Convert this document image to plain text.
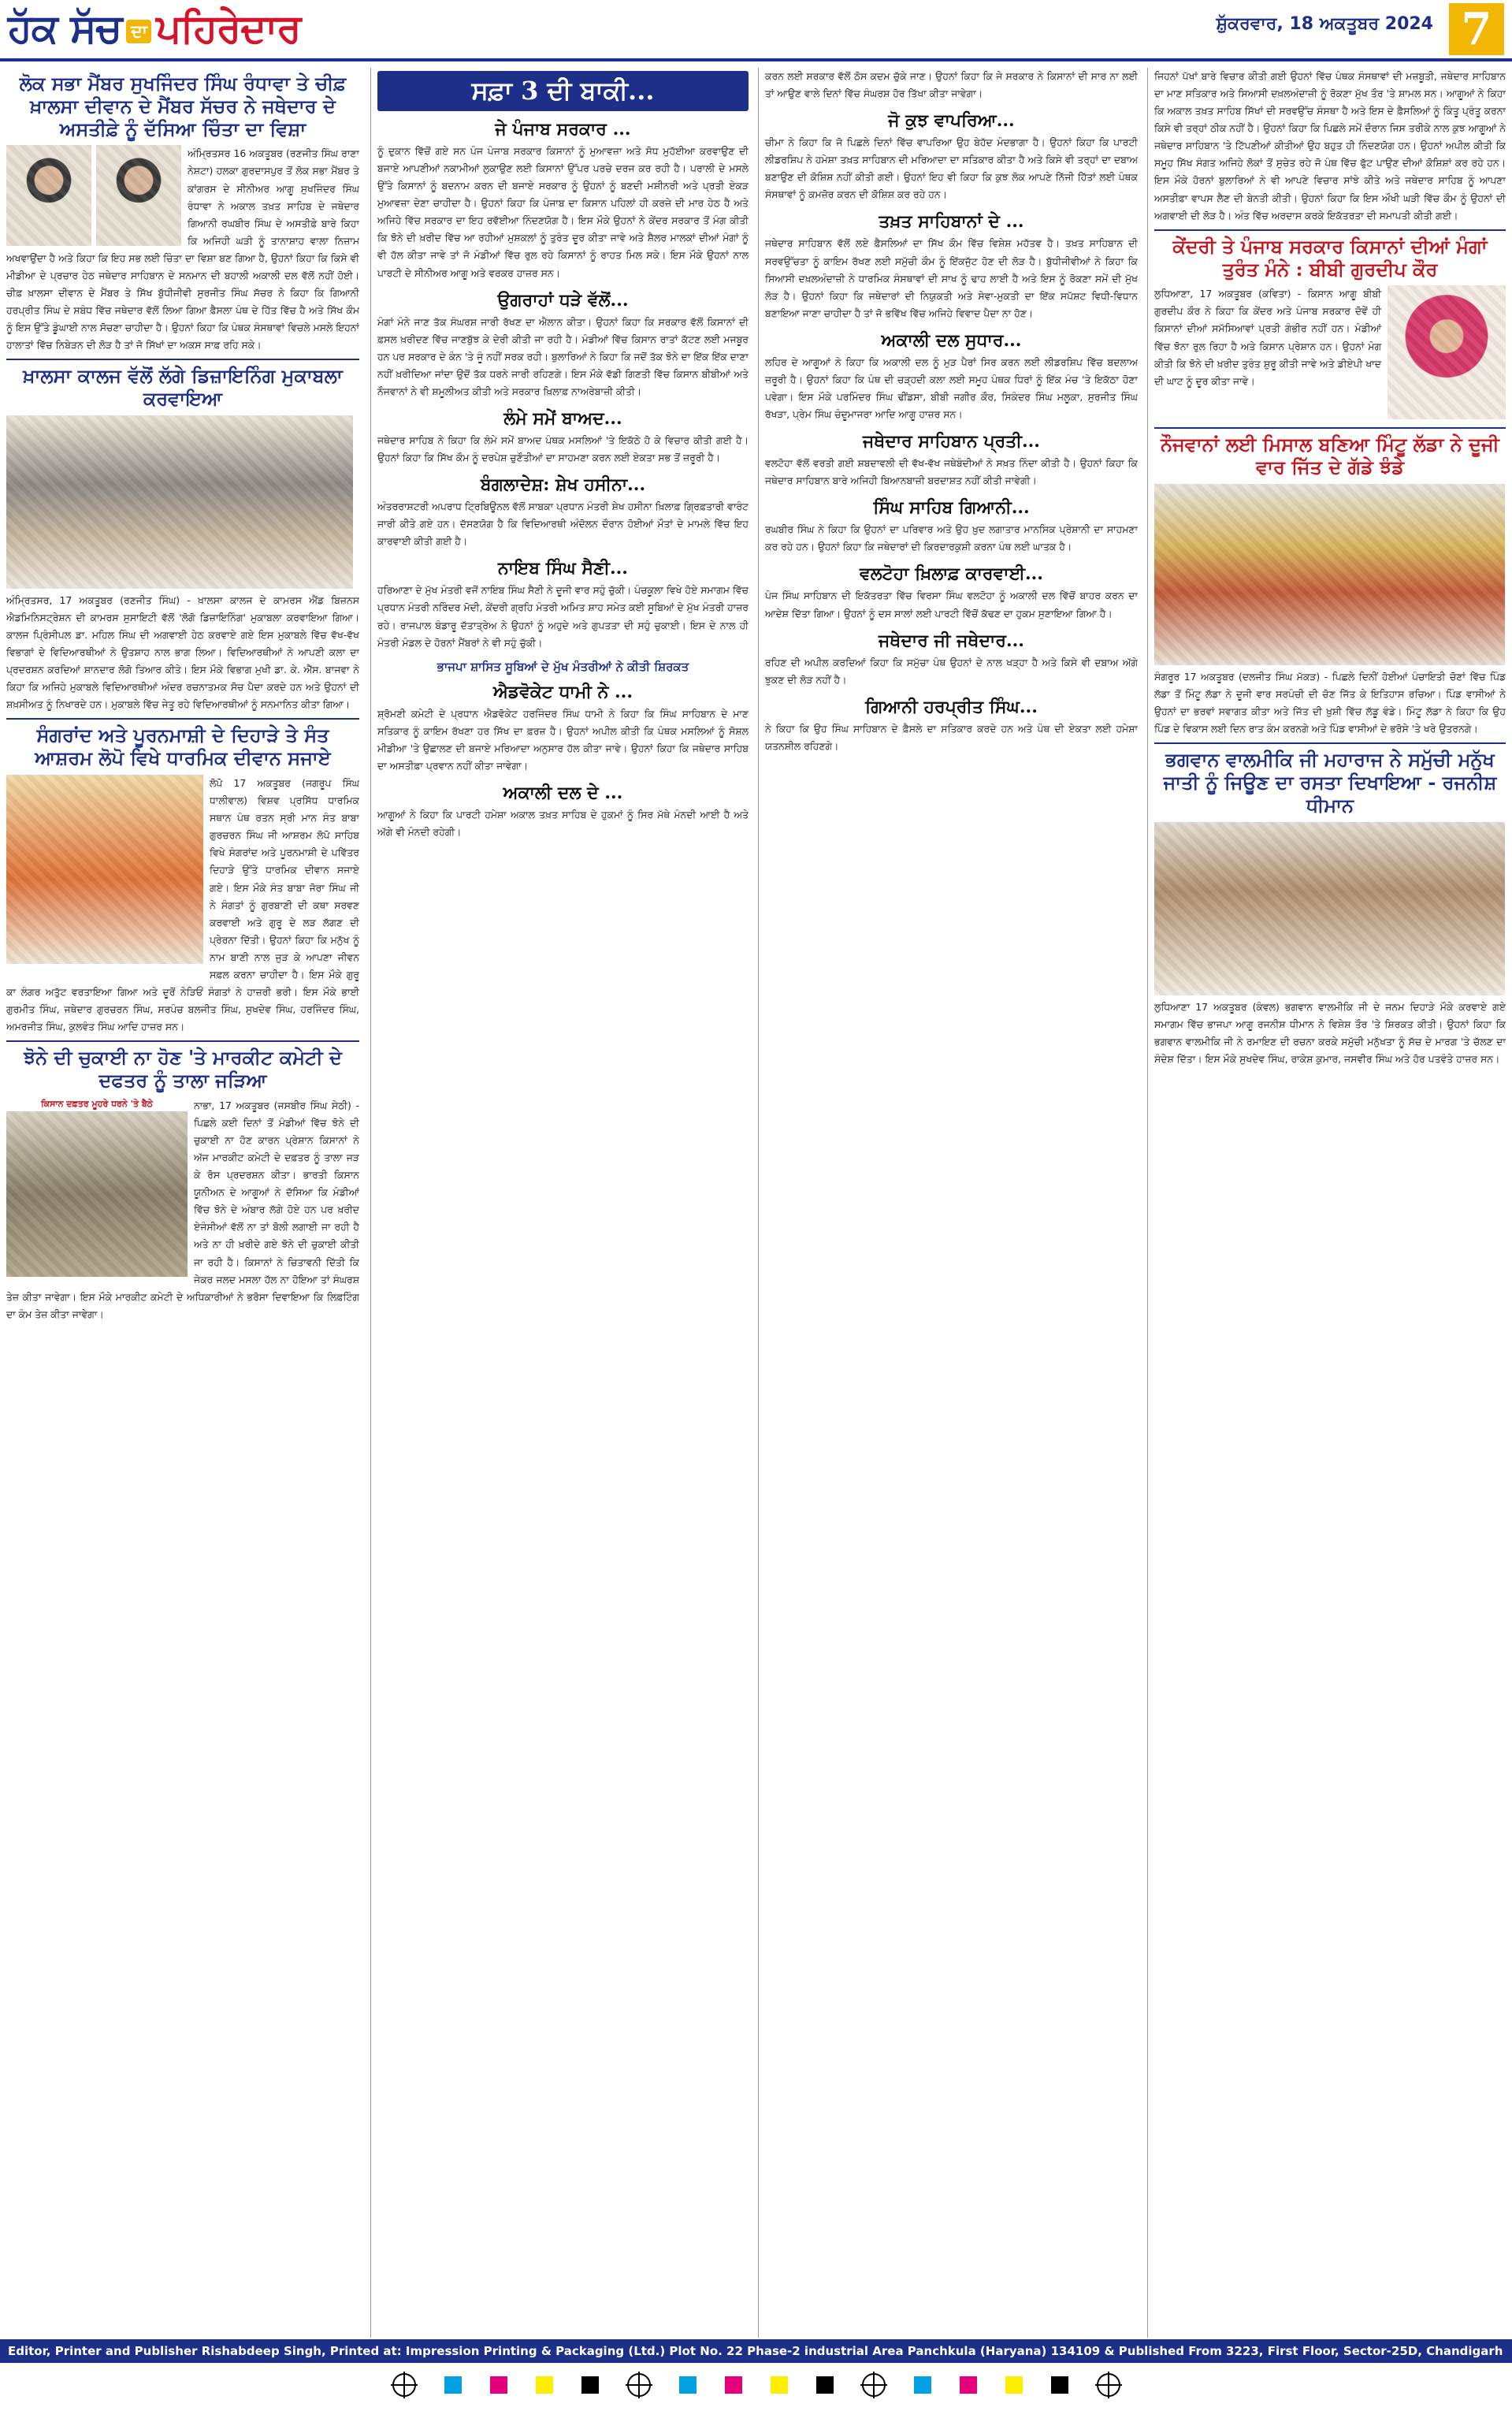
ਹੱਕ ਸੱਚ ਦਾ ਪਹਿਰੇਦਾਰ	ਸ਼ੁੱਕਰਵਾਰ, 18 ਅਕਤੂਬਰ 2024 7
ਲੋਕ ਸਭਾ ਮੈਂਬਰ ਸੁਖਜਿੰਦਰ ਸਿੰਘ ਰੰਧਾਵਾ ਤੇ ਚੀਫ਼ ਖ਼ਾਲਸਾ ਦੀਵਾਨ ਦੇ ਮੈਂਬਰ ਸੱਚਰ ਨੇ ਜਥੇਦਾਰ ਦੇ ਅਸਤੀਫ਼ੇ ਨੂੰ ਦੱਸਿਆ ਚਿੰਤਾ ਦਾ ਵਿਸ਼ਾ
ਅੰਮ੍ਰਿਤਸਰ 16 ਅਕਤੂਬਰ (ਰਣਜੀਤ ਸਿੰਘ ਰਾਣਾ ਨੇਸ਼ਟਾ) ਹਲਕਾ ਗੁਰਦਾਸਪੁਰ ਤੋਂ ਲੋਕ ਸਭਾ ਮੈਂਬਰ ਤੇ ਕਾਂਗਰਸ ਦੇ ਸੀਨੀਅਰ ਆਗੂ ਸੁਖਜਿੰਦਰ ਸਿੰਘ ਰੰਧਾਵਾ ਨੇ ਅਕਾਲ ਤਖ਼ਤ ਸਾਹਿਬ ਦੇ ਜਥੇਦਾਰ ਗਿਆਨੀ ਰਘਬੀਰ ਸਿੰਘ ਦੇ ਅਸਤੀਫ਼ੇ ਬਾਰੇ ਕਿਹਾ ਕਿ ਅਜਿਹੀ ਘੜੀ ਨੂੰ ਤਾਨਾਸ਼ਾਹ ਵਾਲਾ ਨਿਜ਼ਾਮ ਅਖਵਾਉਂਦਾ ਹੈ ਅਤੇ ਕਿਹਾ ਕਿ ਇਹ ਸਭ ਲਈ ਚਿੰਤਾ ਦਾ ਵਿਸ਼ਾ ਬਣ ਗਿਆ ਹੈ, ਉਹਨਾਂ ਕਿਹਾ ਕਿ ਕਿਸੇ ਵੀ ਮੀਡੀਆ ਦੇ ਪ੍ਰਚਾਰ ਹੇਠ ਜਥੇਦਾਰ ਸਾਹਿਬਾਨ ਦੇ ਸਨਮਾਨ ਦੀ ਬਹਾਲੀ ਅਕਾਲੀ ਦਲ ਵੱਲੋਂ ਨਹੀਂ ਹੋਈ। ਚੀਫ਼ ਖ਼ਾਲਸਾ ਦੀਵਾਨ ਦੇ ਮੈਂਬਰ ਤੇ ਸਿੱਖ ਬੁੱਧੀਜੀਵੀ ਸੁਰਜੀਤ ਸਿੰਘ ਸੱਚਰ ਨੇ ਕਿਹਾ ਕਿ ਗਿਆਨੀ ਹਰਪ੍ਰੀਤ ਸਿੰਘ ਦੇ ਸਬੰਧ ਵਿੱਚ ਜਥੇਦਾਰ ਵੱਲੋਂ ਲਿਆ ਗਿਆ ਫ਼ੈਸਲਾ ਪੰਥ ਦੇ ਹਿੱਤ ਵਿੱਚ ਹੈ ਅਤੇ ਸਿੱਖ ਕੌਮ ਨੂੰ ਇਸ ਉੱਤੇ ਡੂੰਘਾਈ ਨਾਲ ਸੋਚਣਾ ਚਾਹੀਦਾ ਹੈ। ਉਹਨਾਂ ਕਿਹਾ ਕਿ ਪੰਥਕ ਸੰਸਥਾਵਾਂ ਵਿਚਲੇ ਮਸਲੇ ਇਹਨਾਂ ਹਾਲਾਤਾਂ ਵਿੱਚ ਨਿਬੇੜਨ ਦੀ ਲੋੜ ਹੈ ਤਾਂ ਜੋ ਸਿੱਖਾਂ ਦਾ ਅਕਸ ਸਾਫ਼ ਰਹਿ ਸਕੇ।
ਖ਼ਾਲਸਾ ਕਾਲਜ ਵੱਲੋਂ ਲੱਗੇ ਡਿਜ਼ਾਇਨਿੰਗ ਮੁਕਾਬਲਾ ਕਰਵਾਇਆ
ਅੰਮ੍ਰਿਤਸਰ, 17 ਅਕਤੂਬਰ (ਰਣਜੀਤ ਸਿੰਘ) - ਖ਼ਾਲਸਾ ਕਾਲਜ ਦੇ ਕਾਮਰਸ ਐਂਡ ਬਿਜ਼ਨਸ ਐਡਮਿਨਿਸਟ੍ਰੇਸ਼ਨ ਦੀ ਕਾਮਰਸ ਸੁਸਾਇਟੀ ਵੱਲੋਂ 'ਲੋਗੋ ਡਿਜ਼ਾਇਨਿੰਗ' ਮੁਕਾਬਲਾ ਕਰਵਾਇਆ ਗਿਆ। ਕਾਲਜ ਪ੍ਰਿੰਸੀਪਲ ਡਾ. ਮਹਿਲ ਸਿੰਘ ਦੀ ਅਗਵਾਈ ਹੇਠ ਕਰਵਾਏ ਗਏ ਇਸ ਮੁਕਾਬਲੇ ਵਿੱਚ ਵੱਖ-ਵੱਖ ਵਿਭਾਗਾਂ ਦੇ ਵਿਦਿਆਰਥੀਆਂ ਨੇ ਉਤਸ਼ਾਹ ਨਾਲ ਭਾਗ ਲਿਆ। ਵਿਦਿਆਰਥੀਆਂ ਨੇ ਆਪਣੀ ਕਲਾ ਦਾ ਪ੍ਰਦਰਸ਼ਨ ਕਰਦਿਆਂ ਸ਼ਾਨਦਾਰ ਲੋਗੋ ਤਿਆਰ ਕੀਤੇ। ਇਸ ਮੌਕੇ ਵਿਭਾਗ ਮੁਖੀ ਡਾ. ਕੇ. ਐੱਸ. ਬਾਜਵਾ ਨੇ ਕਿਹਾ ਕਿ ਅਜਿਹੇ ਮੁਕਾਬਲੇ ਵਿਦਿਆਰਥੀਆਂ ਅੰਦਰ ਰਚਨਾਤਮਕ ਸੋਚ ਪੈਦਾ ਕਰਦੇ ਹਨ ਅਤੇ ਉਹਨਾਂ ਦੀ ਸ਼ਖ਼ਸੀਅਤ ਨੂੰ ਨਿਖਾਰਦੇ ਹਨ। ਮੁਕਾਬਲੇ ਵਿੱਚ ਜੇਤੂ ਰਹੇ ਵਿਦਿਆਰਥੀਆਂ ਨੂੰ ਸਨਮਾਨਿਤ ਕੀਤਾ ਗਿਆ।
ਸੰਗਰਾਂਦ ਅਤੇ ਪੂਰਨਮਾਸ਼ੀ ਦੇ ਦਿਹਾੜੇ ਤੇ ਸੰਤ ਆਸ਼ਰਮ ਲੋਪੋ ਵਿਖੇ ਧਾਰਮਿਕ ਦੀਵਾਨ ਸਜਾਏ
ਲੋਪੋ 17 ਅਕਤੂਬਰ (ਜਗਰੂਪ ਸਿੰਘ ਧਾਲੀਵਾਲ) ਵਿਸ਼ਵ ਪ੍ਰਸਿੱਧ ਧਾਰਮਿਕ ਸਥਾਨ ਪੰਥ ਰਤਨ ਸ੍ਰੀ ਮਾਨ ਸੰਤ ਬਾਬਾ ਗੁਰਚਰਨ ਸਿੰਘ ਜੀ ਆਸ਼ਰਮ ਲੋਪੋ ਸਾਹਿਬ ਵਿਖੇ ਸੰਗਰਾਂਦ ਅਤੇ ਪੂਰਨਮਾਸ਼ੀ ਦੇ ਪਵਿੱਤਰ ਦਿਹਾੜੇ ਉੱਤੇ ਧਾਰਮਿਕ ਦੀਵਾਨ ਸਜਾਏ ਗਏ। ਇਸ ਮੌਕੇ ਸੰਤ ਬਾਬਾ ਜੋਰਾ ਸਿੰਘ ਜੀ ਨੇ ਸੰਗਤਾਂ ਨੂੰ ਗੁਰਬਾਣੀ ਦੀ ਕਥਾ ਸਰਵਣ ਕਰਵਾਈ ਅਤੇ ਗੁਰੂ ਦੇ ਲੜ ਲੱਗਣ ਦੀ ਪ੍ਰੇਰਨਾ ਦਿੱਤੀ। ਉਹਨਾਂ ਕਿਹਾ ਕਿ ਮਨੁੱਖ ਨੂੰ ਨਾਮ ਬਾਣੀ ਨਾਲ ਜੁੜ ਕੇ ਆਪਣਾ ਜੀਵਨ ਸਫ਼ਲ ਕਰਨਾ ਚਾਹੀਦਾ ਹੈ। ਇਸ ਮੌਕੇ ਗੁਰੂ ਕਾ ਲੰਗਰ ਅਤੁੱਟ ਵਰਤਾਇਆ ਗਿਆ ਅਤੇ ਦੂਰੋਂ ਨੇੜਿਓਂ ਸੰਗਤਾਂ ਨੇ ਹਾਜ਼ਰੀ ਭਰੀ। ਇਸ ਮੌਕੇ ਭਾਈ ਗੁਰਮੀਤ ਸਿੰਘ, ਜਥੇਦਾਰ ਗੁਰਚਰਨ ਸਿੰਘ, ਸਰਪੰਚ ਬਲਜੀਤ ਸਿੰਘ, ਸੁਖਦੇਵ ਸਿੰਘ, ਹਰਜਿੰਦਰ ਸਿੰਘ, ਅਮਰਜੀਤ ਸਿੰਘ, ਕੁਲਵੰਤ ਸਿੰਘ ਆਦਿ ਹਾਜ਼ਰ ਸਨ।
ਝੋਨੇ ਦੀ ਚੁਕਾਈ ਨਾ ਹੋਣ 'ਤੇ ਮਾਰਕੀਟ ਕਮੇਟੀ ਦੇ ਦਫਤਰ ਨੂੰ ਤਾਲਾ ਜੜਿਆ
ਕਿਸਾਨ ਦਫ਼ਤਰ ਮੂਹਰੇ ਧਰਨੇ 'ਤੇ ਬੈਠੇ	ਨਾਭਾ, 17 ਅਕਤੂਬਰ (ਜਸਬੀਰ ਸਿੰਘ ਸੇਠੀ) - ਪਿਛਲੇ ਕਈ ਦਿਨਾਂ ਤੋਂ ਮੰਡੀਆਂ ਵਿੱਚ ਝੋਨੇ ਦੀ ਚੁਕਾਈ ਨਾ ਹੋਣ ਕਾਰਨ ਪ੍ਰੇਸ਼ਾਨ ਕਿਸਾਨਾਂ ਨੇ ਅੱਜ ਮਾਰਕੀਟ ਕਮੇਟੀ ਦੇ ਦਫ਼ਤਰ ਨੂੰ ਤਾਲਾ ਜੜ ਕੇ ਰੋਸ ਪ੍ਰਦਰਸ਼ਨ ਕੀਤਾ। ਭਾਰਤੀ ਕਿਸਾਨ ਯੂਨੀਅਨ ਦੇ ਆਗੂਆਂ ਨੇ ਦੱਸਿਆ ਕਿ ਮੰਡੀਆਂ ਵਿੱਚ ਝੋਨੇ ਦੇ ਅੰਬਾਰ ਲੱਗੇ ਹੋਏ ਹਨ ਪਰ ਖ਼ਰੀਦ ਏਜੰਸੀਆਂ ਵੱਲੋਂ ਨਾ ਤਾਂ ਬੋਲੀ ਲਗਾਈ ਜਾ ਰਹੀ ਹੈ ਅਤੇ ਨਾ ਹੀ ਖ਼ਰੀਦੇ ਗਏ ਝੋਨੇ ਦੀ ਚੁਕਾਈ ਕੀਤੀ ਜਾ ਰਹੀ ਹੈ। ਕਿਸਾਨਾਂ ਨੇ ਚਿਤਾਵਨੀ ਦਿੱਤੀ ਕਿ ਜੇਕਰ ਜਲਦ ਮਸਲਾ ਹੱਲ ਨਾ ਹੋਇਆ ਤਾਂ ਸੰਘਰਸ਼ ਤੇਜ਼ ਕੀਤਾ ਜਾਵੇਗਾ। ਇਸ ਮੌਕੇ ਮਾਰਕੀਟ ਕਮੇਟੀ ਦੇ ਅਧਿਕਾਰੀਆਂ ਨੇ ਭਰੋਸਾ ਦਿਵਾਇਆ ਕਿ ਲਿਫ਼ਟਿੰਗ ਦਾ ਕੰਮ ਤੇਜ਼ ਕੀਤਾ ਜਾਵੇਗਾ।
ਸਫ਼ਾ 3 ਦੀ ਬਾਕੀ...
ਜੇ ਪੰਜਾਬ ਸਰਕਾਰ ...
ਨੂੰ ਦੁਕਾਨ ਵਿੱਚੋਂ ਗਏ ਸਨ ਪੰਜ ਪੰਜਾਬ ਸਰਕਾਰ ਕਿਸਾਨਾਂ ਨੂੰ ਮੁਆਵਜ਼ਾ ਅਤੇ ਸੋਧ ਮੁਹੱਈਆ ਕਰਵਾਉਣ ਦੀ ਬਜਾਏ ਆਪਣੀਆਂ ਨਕਾਮੀਆਂ ਲੁਕਾਉਣ ਲਈ ਕਿਸਾਨਾਂ ਉੱਪਰ ਪਰਚੇ ਦਰਜ ਕਰ ਰਹੀ ਹੈ। ਪਰਾਲੀ ਦੇ ਮਸਲੇ ਉੱਤੇ ਕਿਸਾਨਾਂ ਨੂੰ ਬਦਨਾਮ ਕਰਨ ਦੀ ਬਜਾਏ ਸਰਕਾਰ ਨੂੰ ਉਹਨਾਂ ਨੂੰ ਬਣਦੀ ਮਸ਼ੀਨਰੀ ਅਤੇ ਪ੍ਰਤੀ ਏਕੜ ਮੁਆਵਜ਼ਾ ਦੇਣਾ ਚਾਹੀਦਾ ਹੈ। ਉਹਨਾਂ ਕਿਹਾ ਕਿ ਪੰਜਾਬ ਦਾ ਕਿਸਾਨ ਪਹਿਲਾਂ ਹੀ ਕਰਜ਼ੇ ਦੀ ਮਾਰ ਹੇਠ ਹੈ ਅਤੇ ਅਜਿਹੇ ਵਿੱਚ ਸਰਕਾਰ ਦਾ ਇਹ ਰਵੱਈਆ ਨਿੰਦਣਯੋਗ ਹੈ। ਇਸ ਮੌਕੇ ਉਹਨਾਂ ਨੇ ਕੇਂਦਰ ਸਰਕਾਰ ਤੋਂ ਮੰਗ ਕੀਤੀ ਕਿ ਝੋਨੇ ਦੀ ਖ਼ਰੀਦ ਵਿੱਚ ਆ ਰਹੀਆਂ ਮੁਸ਼ਕਲਾਂ ਨੂੰ ਤੁਰੰਤ ਦੂਰ ਕੀਤਾ ਜਾਵੇ ਅਤੇ ਸ਼ੈਲਰ ਮਾਲਕਾਂ ਦੀਆਂ ਮੰਗਾਂ ਨੂੰ ਵੀ ਹੱਲ ਕੀਤਾ ਜਾਵੇ ਤਾਂ ਜੋ ਮੰਡੀਆਂ ਵਿੱਚ ਰੁਲ ਰਹੇ ਕਿਸਾਨਾਂ ਨੂੰ ਰਾਹਤ ਮਿਲ ਸਕੇ। ਇਸ ਮੌਕੇ ਉਹਨਾਂ ਨਾਲ ਪਾਰਟੀ ਦੇ ਸੀਨੀਅਰ ਆਗੂ ਅਤੇ ਵਰਕਰ ਹਾਜ਼ਰ ਸਨ।
ਉਗਰਾਹਾਂ ਧੜੇ ਵੱਲੋਂ...
ਮੰਗਾਂ ਮੰਨੇ ਜਾਣ ਤੱਕ ਸੰਘਰਸ਼ ਜਾਰੀ ਰੱਖਣ ਦਾ ਐਲਾਨ ਕੀਤਾ। ਉਹਨਾਂ ਕਿਹਾ ਕਿ ਸਰਕਾਰ ਵੱਲੋਂ ਕਿਸਾਨਾਂ ਦੀ ਫ਼ਸਲ ਖ਼ਰੀਦਣ ਵਿੱਚ ਜਾਣਬੁੱਝ ਕੇ ਦੇਰੀ ਕੀਤੀ ਜਾ ਰਹੀ ਹੈ। ਮੰਡੀਆਂ ਵਿੱਚ ਕਿਸਾਨ ਰਾਤਾਂ ਕੱਟਣ ਲਈ ਮਜਬੂਰ ਹਨ ਪਰ ਸਰਕਾਰ ਦੇ ਕੰਨ 'ਤੇ ਜੂੰ ਨਹੀਂ ਸਰਕ ਰਹੀ। ਬੁਲਾਰਿਆਂ ਨੇ ਕਿਹਾ ਕਿ ਜਦੋਂ ਤੱਕ ਝੋਨੇ ਦਾ ਇੱਕ ਇੱਕ ਦਾਣਾ ਨਹੀਂ ਖ਼ਰੀਦਿਆ ਜਾਂਦਾ ਉਦੋਂ ਤੱਕ ਧਰਨੇ ਜਾਰੀ ਰਹਿਣਗੇ। ਇਸ ਮੌਕੇ ਵੱਡੀ ਗਿਣਤੀ ਵਿੱਚ ਕਿਸਾਨ ਬੀਬੀਆਂ ਅਤੇ ਨੌਜਵਾਨਾਂ ਨੇ ਵੀ ਸ਼ਮੂਲੀਅਤ ਕੀਤੀ ਅਤੇ ਸਰਕਾਰ ਖ਼ਿਲਾਫ਼ ਨਾਅਰੇਬਾਜ਼ੀ ਕੀਤੀ।
ਲੰਮੇ ਸਮੇਂ ਬਾਅਦ...
ਜਥੇਦਾਰ ਸਾਹਿਬ ਨੇ ਕਿਹਾ ਕਿ ਲੰਮੇ ਸਮੇਂ ਬਾਅਦ ਪੰਥਕ ਮਸਲਿਆਂ 'ਤੇ ਇਕੱਠੇ ਹੋ ਕੇ ਵਿਚਾਰ ਕੀਤੀ ਗਈ ਹੈ। ਉਹਨਾਂ ਕਿਹਾ ਕਿ ਸਿੱਖ ਕੌਮ ਨੂੰ ਦਰਪੇਸ਼ ਚੁਣੌਤੀਆਂ ਦਾ ਸਾਹਮਣਾ ਕਰਨ ਲਈ ਏਕਤਾ ਸਭ ਤੋਂ ਜ਼ਰੂਰੀ ਹੈ।
ਬੰਗਲਾਦੇਸ਼: ਸ਼ੇਖ ਹਸੀਨਾ...
ਅੰਤਰਰਾਸ਼ਟਰੀ ਅਪਰਾਧ ਟ੍ਰਿਬਿਊਨਲ ਵੱਲੋਂ ਸਾਬਕਾ ਪ੍ਰਧਾਨ ਮੰਤਰੀ ਸ਼ੇਖ ਹਸੀਨਾ ਖ਼ਿਲਾਫ਼ ਗ੍ਰਿਫ਼ਤਾਰੀ ਵਾਰੰਟ ਜਾਰੀ ਕੀਤੇ ਗਏ ਹਨ। ਦੱਸਣਯੋਗ ਹੈ ਕਿ ਵਿਦਿਆਰਥੀ ਅੰਦੋਲਨ ਦੌਰਾਨ ਹੋਈਆਂ ਮੌਤਾਂ ਦੇ ਮਾਮਲੇ ਵਿੱਚ ਇਹ ਕਾਰਵਾਈ ਕੀਤੀ ਗਈ ਹੈ।
ਨਾਇਬ ਸਿੰਘ ਸੈਣੀ...
ਹਰਿਆਣਾ ਦੇ ਮੁੱਖ ਮੰਤਰੀ ਵਜੋਂ ਨਾਇਬ ਸਿੰਘ ਸੈਣੀ ਨੇ ਦੂਜੀ ਵਾਰ ਸਹੁੰ ਚੁੱਕੀ। ਪੰਚਕੂਲਾ ਵਿਖੇ ਹੋਏ ਸਮਾਗਮ ਵਿੱਚ ਪ੍ਰਧਾਨ ਮੰਤਰੀ ਨਰਿੰਦਰ ਮੋਦੀ, ਕੇਂਦਰੀ ਗ੍ਰਹਿ ਮੰਤਰੀ ਅਮਿਤ ਸ਼ਾਹ ਸਮੇਤ ਕਈ ਸੂਬਿਆਂ ਦੇ ਮੁੱਖ ਮੰਤਰੀ ਹਾਜ਼ਰ ਰਹੇ। ਰਾਜਪਾਲ ਬੰਡਾਰੂ ਦੱਤਾਤ੍ਰੇਅ ਨੇ ਉਹਨਾਂ ਨੂੰ ਅਹੁਦੇ ਅਤੇ ਗੁਪਤਤਾ ਦੀ ਸਹੁੰ ਚੁਕਾਈ। ਇਸ ਦੇ ਨਾਲ ਹੀ ਮੰਤਰੀ ਮੰਡਲ ਦੇ ਹੋਰਨਾਂ ਮੈਂਬਰਾਂ ਨੇ ਵੀ ਸਹੁੰ ਚੁੱਕੀ।
ਭਾਜਪਾ ਸ਼ਾਸਿਤ ਸੂਬਿਆਂ ਦੇ ਮੁੱਖ ਮੰਤਰੀਆਂ ਨੇ ਕੀਤੀ ਸ਼ਿਰਕਤ
ਐਡਵੋਕੇਟ ਧਾਮੀ ਨੇ ...
ਸ਼੍ਰੋਮਣੀ ਕਮੇਟੀ ਦੇ ਪ੍ਰਧਾਨ ਐਡਵੋਕੇਟ ਹਰਜਿੰਦਰ ਸਿੰਘ ਧਾਮੀ ਨੇ ਕਿਹਾ ਕਿ ਸਿੰਘ ਸਾਹਿਬਾਨ ਦੇ ਮਾਣ ਸਤਿਕਾਰ ਨੂੰ ਕਾਇਮ ਰੱਖਣਾ ਹਰ ਸਿੱਖ ਦਾ ਫ਼ਰਜ਼ ਹੈ। ਉਹਨਾਂ ਅਪੀਲ ਕੀਤੀ ਕਿ ਪੰਥਕ ਮਸਲਿਆਂ ਨੂੰ ਸੋਸ਼ਲ ਮੀਡੀਆ 'ਤੇ ਉਛਾਲਣ ਦੀ ਬਜਾਏ ਮਰਿਆਦਾ ਅਨੁਸਾਰ ਹੱਲ ਕੀਤਾ ਜਾਵੇ। ਉਹਨਾਂ ਕਿਹਾ ਕਿ ਜਥੇਦਾਰ ਸਾਹਿਬ ਦਾ ਅਸਤੀਫ਼ਾ ਪ੍ਰਵਾਨ ਨਹੀਂ ਕੀਤਾ ਜਾਵੇਗਾ।
ਅਕਾਲੀ ਦਲ ਦੇ ...
ਆਗੂਆਂ ਨੇ ਕਿਹਾ ਕਿ ਪਾਰਟੀ ਹਮੇਸ਼ਾ ਅਕਾਲ ਤਖ਼ਤ ਸਾਹਿਬ ਦੇ ਹੁਕਮਾਂ ਨੂੰ ਸਿਰ ਮੱਥੇ ਮੰਨਦੀ ਆਈ ਹੈ ਅਤੇ ਅੱਗੇ ਵੀ ਮੰਨਦੀ ਰਹੇਗੀ।
ਕਰਨ ਲਈ ਸਰਕਾਰ ਵੱਲੋਂ ਠੋਸ ਕਦਮ ਚੁੱਕੇ ਜਾਣ। ਉਹਨਾਂ ਕਿਹਾ ਕਿ ਜੇ ਸਰਕਾਰ ਨੇ ਕਿਸਾਨਾਂ ਦੀ ਸਾਰ ਨਾ ਲਈ ਤਾਂ ਆਉਣ ਵਾਲੇ ਦਿਨਾਂ ਵਿੱਚ ਸੰਘਰਸ਼ ਹੋਰ ਤਿੱਖਾ ਕੀਤਾ ਜਾਵੇਗਾ।
ਜੋ ਕੁਝ ਵਾਪਰਿਆ...
ਚੀਮਾ ਨੇ ਕਿਹਾ ਕਿ ਜੋ ਪਿਛਲੇ ਦਿਨਾਂ ਵਿੱਚ ਵਾਪਰਿਆ ਉਹ ਬੇਹੱਦ ਮੰਦਭਾਗਾ ਹੈ। ਉਹਨਾਂ ਕਿਹਾ ਕਿ ਪਾਰਟੀ ਲੀਡਰਸ਼ਿਪ ਨੇ ਹਮੇਸ਼ਾ ਤਖ਼ਤ ਸਾਹਿਬਾਨ ਦੀ ਮਰਿਆਦਾ ਦਾ ਸਤਿਕਾਰ ਕੀਤਾ ਹੈ ਅਤੇ ਕਿਸੇ ਵੀ ਤਰ੍ਹਾਂ ਦਾ ਦਬਾਅ ਬਣਾਉਣ ਦੀ ਕੋਸ਼ਿਸ਼ ਨਹੀਂ ਕੀਤੀ ਗਈ। ਉਹਨਾਂ ਇਹ ਵੀ ਕਿਹਾ ਕਿ ਕੁਝ ਲੋਕ ਆਪਣੇ ਨਿੱਜੀ ਹਿੱਤਾਂ ਲਈ ਪੰਥਕ ਸੰਸਥਾਵਾਂ ਨੂੰ ਕਮਜ਼ੋਰ ਕਰਨ ਦੀ ਕੋਸ਼ਿਸ਼ ਕਰ ਰਹੇ ਹਨ।
ਤਖ਼ਤ ਸਾਹਿਬਾਨਾਂ ਦੇ ...
ਜਥੇਦਾਰ ਸਾਹਿਬਾਨ ਵੱਲੋਂ ਲਏ ਫ਼ੈਸਲਿਆਂ ਦਾ ਸਿੱਖ ਕੌਮ ਵਿੱਚ ਵਿਸ਼ੇਸ਼ ਮਹੱਤਵ ਹੈ। ਤਖ਼ਤ ਸਾਹਿਬਾਨ ਦੀ ਸਰਵਉੱਚਤਾ ਨੂੰ ਕਾਇਮ ਰੱਖਣ ਲਈ ਸਮੁੱਚੀ ਕੌਮ ਨੂੰ ਇੱਕਜੁੱਟ ਹੋਣ ਦੀ ਲੋੜ ਹੈ। ਬੁੱਧੀਜੀਵੀਆਂ ਨੇ ਕਿਹਾ ਕਿ ਸਿਆਸੀ ਦਖ਼ਲਅੰਦਾਜ਼ੀ ਨੇ ਧਾਰਮਿਕ ਸੰਸਥਾਵਾਂ ਦੀ ਸਾਖ ਨੂੰ ਢਾਹ ਲਾਈ ਹੈ ਅਤੇ ਇਸ ਨੂੰ ਰੋਕਣਾ ਸਮੇਂ ਦੀ ਮੁੱਖ ਲੋੜ ਹੈ। ਉਹਨਾਂ ਕਿਹਾ ਕਿ ਜਥੇਦਾਰਾਂ ਦੀ ਨਿਯੁਕਤੀ ਅਤੇ ਸੇਵਾ-ਮੁਕਤੀ ਦਾ ਇੱਕ ਸਪੱਸ਼ਟ ਵਿਧੀ-ਵਿਧਾਨ ਬਣਾਇਆ ਜਾਣਾ ਚਾਹੀਦਾ ਹੈ ਤਾਂ ਜੋ ਭਵਿੱਖ ਵਿੱਚ ਅਜਿਹੇ ਵਿਵਾਦ ਪੈਦਾ ਨਾ ਹੋਣ।
ਅਕਾਲੀ ਦਲ ਸੁਧਾਰ...
ਲਹਿਰ ਦੇ ਆਗੂਆਂ ਨੇ ਕਿਹਾ ਕਿ ਅਕਾਲੀ ਦਲ ਨੂੰ ਮੁੜ ਪੈਰਾਂ ਸਿਰ ਕਰਨ ਲਈ ਲੀਡਰਸ਼ਿਪ ਵਿੱਚ ਬਦਲਾਅ ਜ਼ਰੂਰੀ ਹੈ। ਉਹਨਾਂ ਕਿਹਾ ਕਿ ਪੰਥ ਦੀ ਚੜ੍ਹਦੀ ਕਲਾ ਲਈ ਸਮੂਹ ਪੰਥਕ ਧਿਰਾਂ ਨੂੰ ਇੱਕ ਮੰਚ 'ਤੇ ਇਕੱਠਾ ਹੋਣਾ ਪਵੇਗਾ। ਇਸ ਮੌਕੇ ਪਰਮਿੰਦਰ ਸਿੰਘ ਢੀਂਡਸਾ, ਬੀਬੀ ਜਗੀਰ ਕੌਰ, ਸਿਕੰਦਰ ਸਿੰਘ ਮਲੂਕਾ, ਸੁਰਜੀਤ ਸਿੰਘ ਰੱਖੜਾ, ਪ੍ਰੇਮ ਸਿੰਘ ਚੰਦੂਮਾਜਰਾ ਆਦਿ ਆਗੂ ਹਾਜ਼ਰ ਸਨ।
ਜਥੇਦਾਰ ਸਾਹਿਬਾਨ ਪ੍ਰਤੀ...
ਵਲਟੋਹਾ ਵੱਲੋਂ ਵਰਤੀ ਗਈ ਸ਼ਬਦਾਵਲੀ ਦੀ ਵੱਖ-ਵੱਖ ਜਥੇਬੰਦੀਆਂ ਨੇ ਸਖ਼ਤ ਨਿੰਦਾ ਕੀਤੀ ਹੈ। ਉਹਨਾਂ ਕਿਹਾ ਕਿ ਜਥੇਦਾਰ ਸਾਹਿਬਾਨ ਬਾਰੇ ਅਜਿਹੀ ਬਿਆਨਬਾਜ਼ੀ ਬਰਦਾਸ਼ਤ ਨਹੀਂ ਕੀਤੀ ਜਾਵੇਗੀ।
ਸਿੰਘ ਸਾਹਿਬ ਗਿਆਨੀ...
ਰਘਬੀਰ ਸਿੰਘ ਨੇ ਕਿਹਾ ਕਿ ਉਹਨਾਂ ਦਾ ਪਰਿਵਾਰ ਅਤੇ ਉਹ ਖ਼ੁਦ ਲਗਾਤਾਰ ਮਾਨਸਿਕ ਪ੍ਰੇਸ਼ਾਨੀ ਦਾ ਸਾਹਮਣਾ ਕਰ ਰਹੇ ਹਨ। ਉਹਨਾਂ ਕਿਹਾ ਕਿ ਜਥੇਦਾਰਾਂ ਦੀ ਕਿਰਦਾਰਕੁਸ਼ੀ ਕਰਨਾ ਪੰਥ ਲਈ ਘਾਤਕ ਹੈ।
ਵਲਟੋਹਾ ਖ਼ਿਲਾਫ਼ ਕਾਰਵਾਈ...
ਪੰਜ ਸਿੰਘ ਸਾਹਿਬਾਨ ਦੀ ਇਕੱਤਰਤਾ ਵਿੱਚ ਵਿਰਸਾ ਸਿੰਘ ਵਲਟੋਹਾ ਨੂੰ ਅਕਾਲੀ ਦਲ ਵਿੱਚੋਂ ਬਾਹਰ ਕਰਨ ਦਾ ਆਦੇਸ਼ ਦਿੱਤਾ ਗਿਆ। ਉਹਨਾਂ ਨੂੰ ਦਸ ਸਾਲਾਂ ਲਈ ਪਾਰਟੀ ਵਿੱਚੋਂ ਕੱਢਣ ਦਾ ਹੁਕਮ ਸੁਣਾਇਆ ਗਿਆ ਹੈ।
ਜਥੇਦਾਰ ਜੀ ਜਥੇਦਾਰ...
ਰਹਿਣ ਦੀ ਅਪੀਲ ਕਰਦਿਆਂ ਕਿਹਾ ਕਿ ਸਮੁੱਚਾ ਪੰਥ ਉਹਨਾਂ ਦੇ ਨਾਲ ਖੜ੍ਹਾ ਹੈ ਅਤੇ ਕਿਸੇ ਵੀ ਦਬਾਅ ਅੱਗੇ ਝੁਕਣ ਦੀ ਲੋੜ ਨਹੀਂ ਹੈ।
ਗਿਆਨੀ ਹਰਪ੍ਰੀਤ ਸਿੰਘ...
ਨੇ ਕਿਹਾ ਕਿ ਉਹ ਸਿੰਘ ਸਾਹਿਬਾਨ ਦੇ ਫ਼ੈਸਲੇ ਦਾ ਸਤਿਕਾਰ ਕਰਦੇ ਹਨ ਅਤੇ ਪੰਥ ਦੀ ਏਕਤਾ ਲਈ ਹਮੇਸ਼ਾ ਯਤਨਸ਼ੀਲ ਰਹਿਣਗੇ।
ਜਿਹਨਾਂ ਪੱਖਾਂ ਬਾਰੇ ਵਿਚਾਰ ਕੀਤੀ ਗਈ ਉਹਨਾਂ ਵਿੱਚ ਪੰਥਕ ਸੰਸਥਾਵਾਂ ਦੀ ਮਜ਼ਬੂਤੀ, ਜਥੇਦਾਰ ਸਾਹਿਬਾਨ ਦਾ ਮਾਣ ਸਤਿਕਾਰ ਅਤੇ ਸਿਆਸੀ ਦਖ਼ਲਅੰਦਾਜ਼ੀ ਨੂੰ ਰੋਕਣਾ ਮੁੱਖ ਤੌਰ 'ਤੇ ਸ਼ਾਮਲ ਸਨ। ਆਗੂਆਂ ਨੇ ਕਿਹਾ ਕਿ ਅਕਾਲ ਤਖ਼ਤ ਸਾਹਿਬ ਸਿੱਖਾਂ ਦੀ ਸਰਵਉੱਚ ਸੰਸਥਾ ਹੈ ਅਤੇ ਇਸ ਦੇ ਫ਼ੈਸਲਿਆਂ ਨੂੰ ਕਿੰਤੂ ਪ੍ਰੰਤੂ ਕਰਨਾ ਕਿਸੇ ਵੀ ਤਰ੍ਹਾਂ ਠੀਕ ਨਹੀਂ ਹੈ। ਉਹਨਾਂ ਕਿਹਾ ਕਿ ਪਿਛਲੇ ਸਮੇਂ ਦੌਰਾਨ ਜਿਸ ਤਰੀਕੇ ਨਾਲ ਕੁਝ ਆਗੂਆਂ ਨੇ ਜਥੇਦਾਰ ਸਾਹਿਬਾਨ 'ਤੇ ਟਿੱਪਣੀਆਂ ਕੀਤੀਆਂ ਉਹ ਬਹੁਤ ਹੀ ਨਿੰਦਣਯੋਗ ਹਨ। ਉਹਨਾਂ ਅਪੀਲ ਕੀਤੀ ਕਿ ਸਮੂਹ ਸਿੱਖ ਸੰਗਤ ਅਜਿਹੇ ਲੋਕਾਂ ਤੋਂ ਸੁਚੇਤ ਰਹੇ ਜੋ ਪੰਥ ਵਿੱਚ ਫੁੱਟ ਪਾਉਣ ਦੀਆਂ ਕੋਸ਼ਿਸ਼ਾਂ ਕਰ ਰਹੇ ਹਨ। ਇਸ ਮੌਕੇ ਹੋਰਨਾਂ ਬੁਲਾਰਿਆਂ ਨੇ ਵੀ ਆਪਣੇ ਵਿਚਾਰ ਸਾਂਝੇ ਕੀਤੇ ਅਤੇ ਜਥੇਦਾਰ ਸਾਹਿਬ ਨੂੰ ਆਪਣਾ ਅਸਤੀਫ਼ਾ ਵਾਪਸ ਲੈਣ ਦੀ ਬੇਨਤੀ ਕੀਤੀ। ਉਹਨਾਂ ਕਿਹਾ ਕਿ ਇਸ ਔਖੀ ਘੜੀ ਵਿੱਚ ਕੌਮ ਨੂੰ ਉਹਨਾਂ ਦੀ ਅਗਵਾਈ ਦੀ ਲੋੜ ਹੈ। ਅੰਤ ਵਿੱਚ ਅਰਦਾਸ ਕਰਕੇ ਇਕੱਤਰਤਾ ਦੀ ਸਮਾਪਤੀ ਕੀਤੀ ਗਈ।
ਕੇਂਦਰੀ ਤੇ ਪੰਜਾਬ ਸਰਕਾਰ ਕਿਸਾਨਾਂ ਦੀਆਂ ਮੰਗਾਂ ਤੁਰੰਤ ਮੰਨੇ : ਬੀਬੀ ਗੁਰਦੀਪ ਕੌਰ
ਲੁਧਿਆਣਾ, 17 ਅਕਤੂਬਰ (ਕਵਿਤਾ) - ਕਿਸਾਨ ਆਗੂ ਬੀਬੀ ਗੁਰਦੀਪ ਕੌਰ ਨੇ ਕਿਹਾ ਕਿ ਕੇਂਦਰ ਅਤੇ ਪੰਜਾਬ ਸਰਕਾਰ ਦੋਵੇਂ ਹੀ ਕਿਸਾਨਾਂ ਦੀਆਂ ਸਮੱਸਿਆਵਾਂ ਪ੍ਰਤੀ ਗੰਭੀਰ ਨਹੀਂ ਹਨ। ਮੰਡੀਆਂ ਵਿੱਚ ਝੋਨਾ ਰੁਲ ਰਿਹਾ ਹੈ ਅਤੇ ਕਿਸਾਨ ਪ੍ਰੇਸ਼ਾਨ ਹਨ। ਉਹਨਾਂ ਮੰਗ ਕੀਤੀ ਕਿ ਝੋਨੇ ਦੀ ਖ਼ਰੀਦ ਤੁਰੰਤ ਸ਼ੁਰੂ ਕੀਤੀ ਜਾਵੇ ਅਤੇ ਡੀਏਪੀ ਖਾਦ ਦੀ ਘਾਟ ਨੂੰ ਦੂਰ ਕੀਤਾ ਜਾਵੇ।
ਨੌਜਵਾਨਾਂ ਲਈ ਮਿਸਾਲ ਬਣਿਆ ਮਿੰਟੂ ਲੱਡਾ ਨੇ ਦੂਜੀ ਵਾਰ ਜਿੱਤ ਦੇ ਗੱਡੇ ਝੰਡੇ
ਸੰਗਰੂਰ 17 ਅਕਤੂਬਰ (ਦਲਜੀਤ ਸਿੰਘ ਮੱਕੜ) - ਪਿਛਲੇ ਦਿਨੀਂ ਹੋਈਆਂ ਪੰਚਾਇਤੀ ਚੋਣਾਂ ਵਿੱਚ ਪਿੰਡ ਲੱਡਾ ਤੋਂ ਮਿੰਟੂ ਲੱਡਾ ਨੇ ਦੂਜੀ ਵਾਰ ਸਰਪੰਚੀ ਦੀ ਚੋਣ ਜਿੱਤ ਕੇ ਇਤਿਹਾਸ ਰਚਿਆ। ਪਿੰਡ ਵਾਸੀਆਂ ਨੇ ਉਹਨਾਂ ਦਾ ਭਰਵਾਂ ਸਵਾਗਤ ਕੀਤਾ ਅਤੇ ਜਿੱਤ ਦੀ ਖ਼ੁਸ਼ੀ ਵਿੱਚ ਲੱਡੂ ਵੰਡੇ। ਮਿੰਟੂ ਲੱਡਾ ਨੇ ਕਿਹਾ ਕਿ ਉਹ ਪਿੰਡ ਦੇ ਵਿਕਾਸ ਲਈ ਦਿਨ ਰਾਤ ਕੰਮ ਕਰਨਗੇ ਅਤੇ ਪਿੰਡ ਵਾਸੀਆਂ ਦੇ ਭਰੋਸੇ 'ਤੇ ਖਰੇ ਉਤਰਨਗੇ।
ਭਗਵਾਨ ਵਾਲਮੀਕਿ ਜੀ ਮਹਾਰਾਜ ਨੇ ਸਮੁੱਚੀ ਮਨੁੱਖ ਜਾਤੀ ਨੂੰ ਜਿਊਣ ਦਾ ਰਸਤਾ ਦਿਖਾਇਆ - ਰਜਨੀਸ਼ ਧੀਮਾਨ
ਲੁਧਿਆਣਾ 17 ਅਕਤੂਬਰ (ਕੰਵਲ) ਭਗਵਾਨ ਵਾਲਮੀਕਿ ਜੀ ਦੇ ਜਨਮ ਦਿਹਾੜੇ ਮੌਕੇ ਕਰਵਾਏ ਗਏ ਸਮਾਗਮ ਵਿੱਚ ਭਾਜਪਾ ਆਗੂ ਰਜਨੀਸ਼ ਧੀਮਾਨ ਨੇ ਵਿਸ਼ੇਸ਼ ਤੌਰ 'ਤੇ ਸ਼ਿਰਕਤ ਕੀਤੀ। ਉਹਨਾਂ ਕਿਹਾ ਕਿ ਭਗਵਾਨ ਵਾਲਮੀਕਿ ਜੀ ਨੇ ਰਮਾਇਣ ਦੀ ਰਚਨਾ ਕਰਕੇ ਸਮੁੱਚੀ ਮਨੁੱਖਤਾ ਨੂੰ ਸੱਚ ਦੇ ਮਾਰਗ 'ਤੇ ਚੱਲਣ ਦਾ ਸੰਦੇਸ਼ ਦਿੱਤਾ। ਇਸ ਮੌਕੇ ਸੁਖਦੇਵ ਸਿੰਘ, ਰਾਕੇਸ਼ ਕੁਮਾਰ, ਜਸਵੀਰ ਸਿੰਘ ਅਤੇ ਹੋਰ ਪਤਵੰਤੇ ਹਾਜ਼ਰ ਸਨ।
Editor, Printer and Publisher Rishabdeep Singh, Printed at: Impression Printing & Packaging (Ltd.) Plot No. 22 Phase-2 industrial Area Panchkula (Haryana) 134109 & Published From 3223, First Floor, Sector-25D, Chandigarh
